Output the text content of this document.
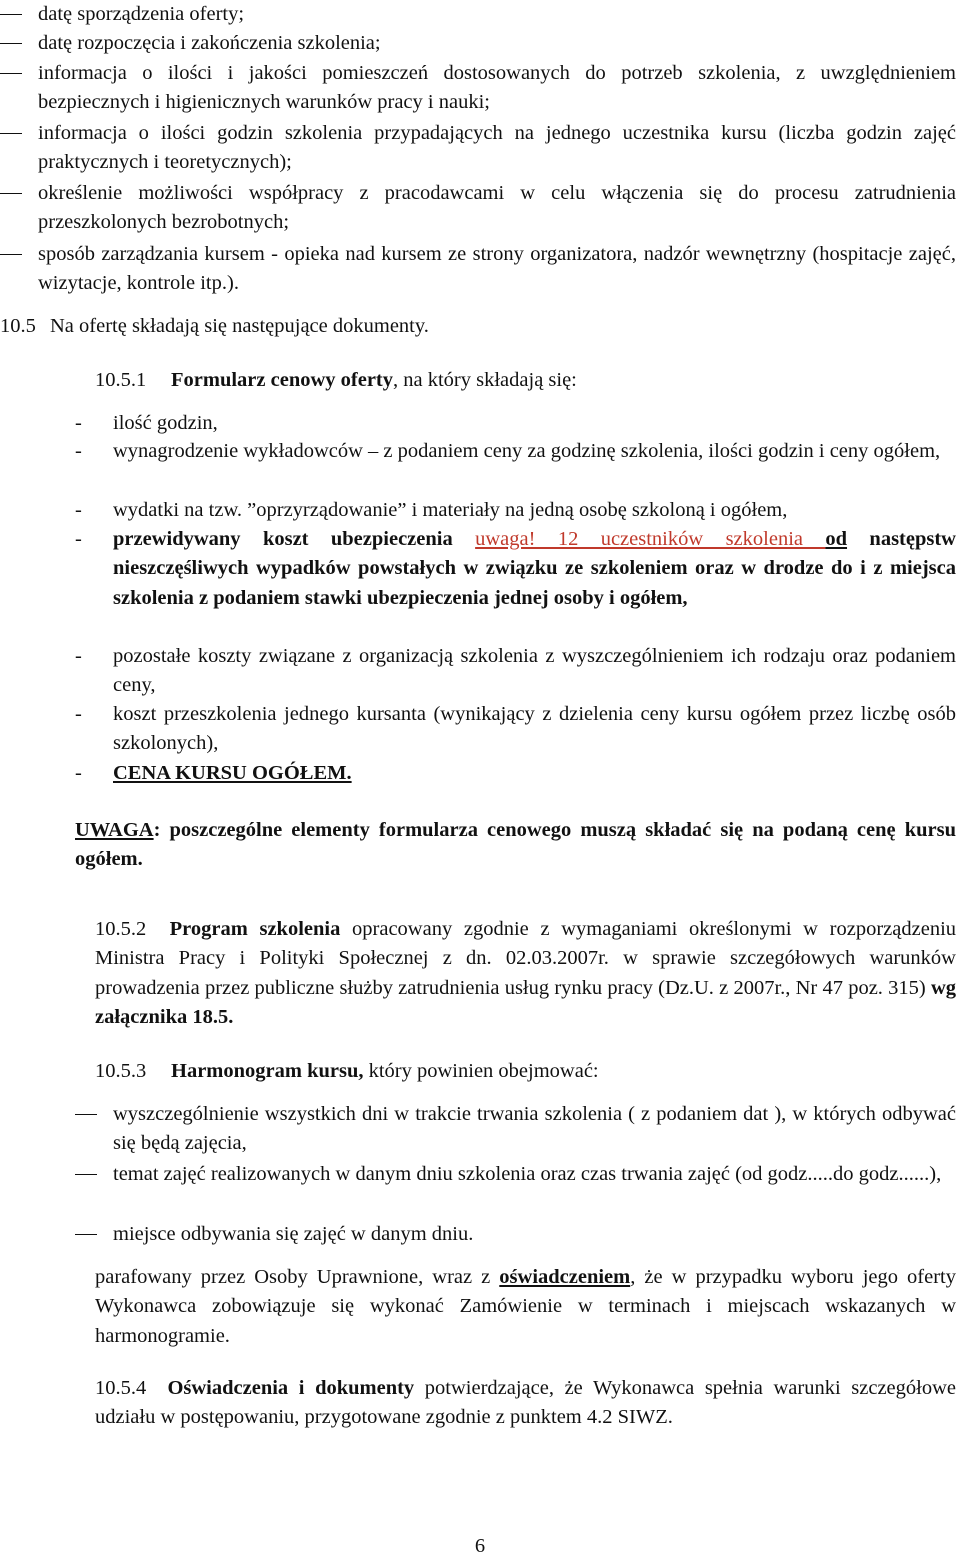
datę sporządzenia oferty;
datę rozpoczęcia i zakończenia szkolenia;
informacja o ilości i jakości pomieszczeń dostosowanych do potrzeb szkolenia, z uwzględnieniem bezpiecznych i higienicznych warunków pracy i nauki;
informacja o ilości godzin szkolenia przypadających na jednego uczestnika kursu (liczba godzin zajęć praktycznych i teoretycznych);
określenie możliwości współpracy z pracodawcami w celu włączenia się do procesu zatrudnienia przeszkolonych bezrobotnych;
sposób zarządzania kursem - opieka nad kursem ze strony organizatora, nadzór wewnętrzny (hospitacje zajęć, wizytacje, kontrole itp.).
10.5 Na ofertę składają się następujące dokumenty.
10.5.1 Formularz cenowy oferty, na który składają się:
- ilość godzin,
- wynagrodzenie wykładowców – z podaniem ceny za godzinę szkolenia, ilości godzin i ceny ogółem,
- wydatki na tzw. ”oprzyrządowanie” i materiały na jedną osobę szkoloną i ogółem,
- przewidywany koszt ubezpieczenia uwaga! 12 uczestników szkolenia od następstw nieszczęśliwych wypadków powstałych w związku ze szkoleniem oraz w drodze do i z miejsca szkolenia z podaniem stawki ubezpieczenia jednej osoby i ogółem,
- pozostałe koszty związane z organizacją szkolenia z wyszczególnieniem ich rodzaju oraz podaniem ceny,
- koszt przeszkolenia jednego kursanta (wynikający z dzielenia ceny kursu ogółem przez liczbę osób szkolonych),
- CENA KURSU OGÓŁEM.
UWAGA: poszczególne elementy formularza cenowego muszą składać się na podaną cenę kursu ogółem.
10.5.2 Program szkolenia opracowany zgodnie z wymaganiami określonymi w rozporządzeniu Ministra Pracy i Polityki Społecznej z dn. 02.03.2007r. w sprawie szczegółowych warunków prowadzenia przez publiczne służby zatrudnienia usług rynku pracy (Dz.U. z 2007r., Nr 47 poz. 315) wg załącznika 18.5.
10.5.3 Harmonogram kursu, który powinien obejmować:
wyszczególnienie wszystkich dni w trakcie trwania szkolenia ( z podaniem dat ), w których odbywać się będą zajęcia,
temat zajęć realizowanych w danym dniu szkolenia oraz czas trwania zajęć (od godz.....do godz......),
miejsce odbywania się zajęć w danym dniu.
parafowany przez Osoby Uprawnione, wraz z oświadczeniem, że w przypadku wyboru jego oferty Wykonawca zobowiązuje się wykonać Zamówienie w terminach i miejscach wskazanych w harmonogramie.
10.5.4 Oświadczenia i dokumenty potwierdzające, że Wykonawca spełnia warunki szczegółowe udziału w postępowaniu, przygotowane zgodnie z punktem 4.2 SIWZ.
6
